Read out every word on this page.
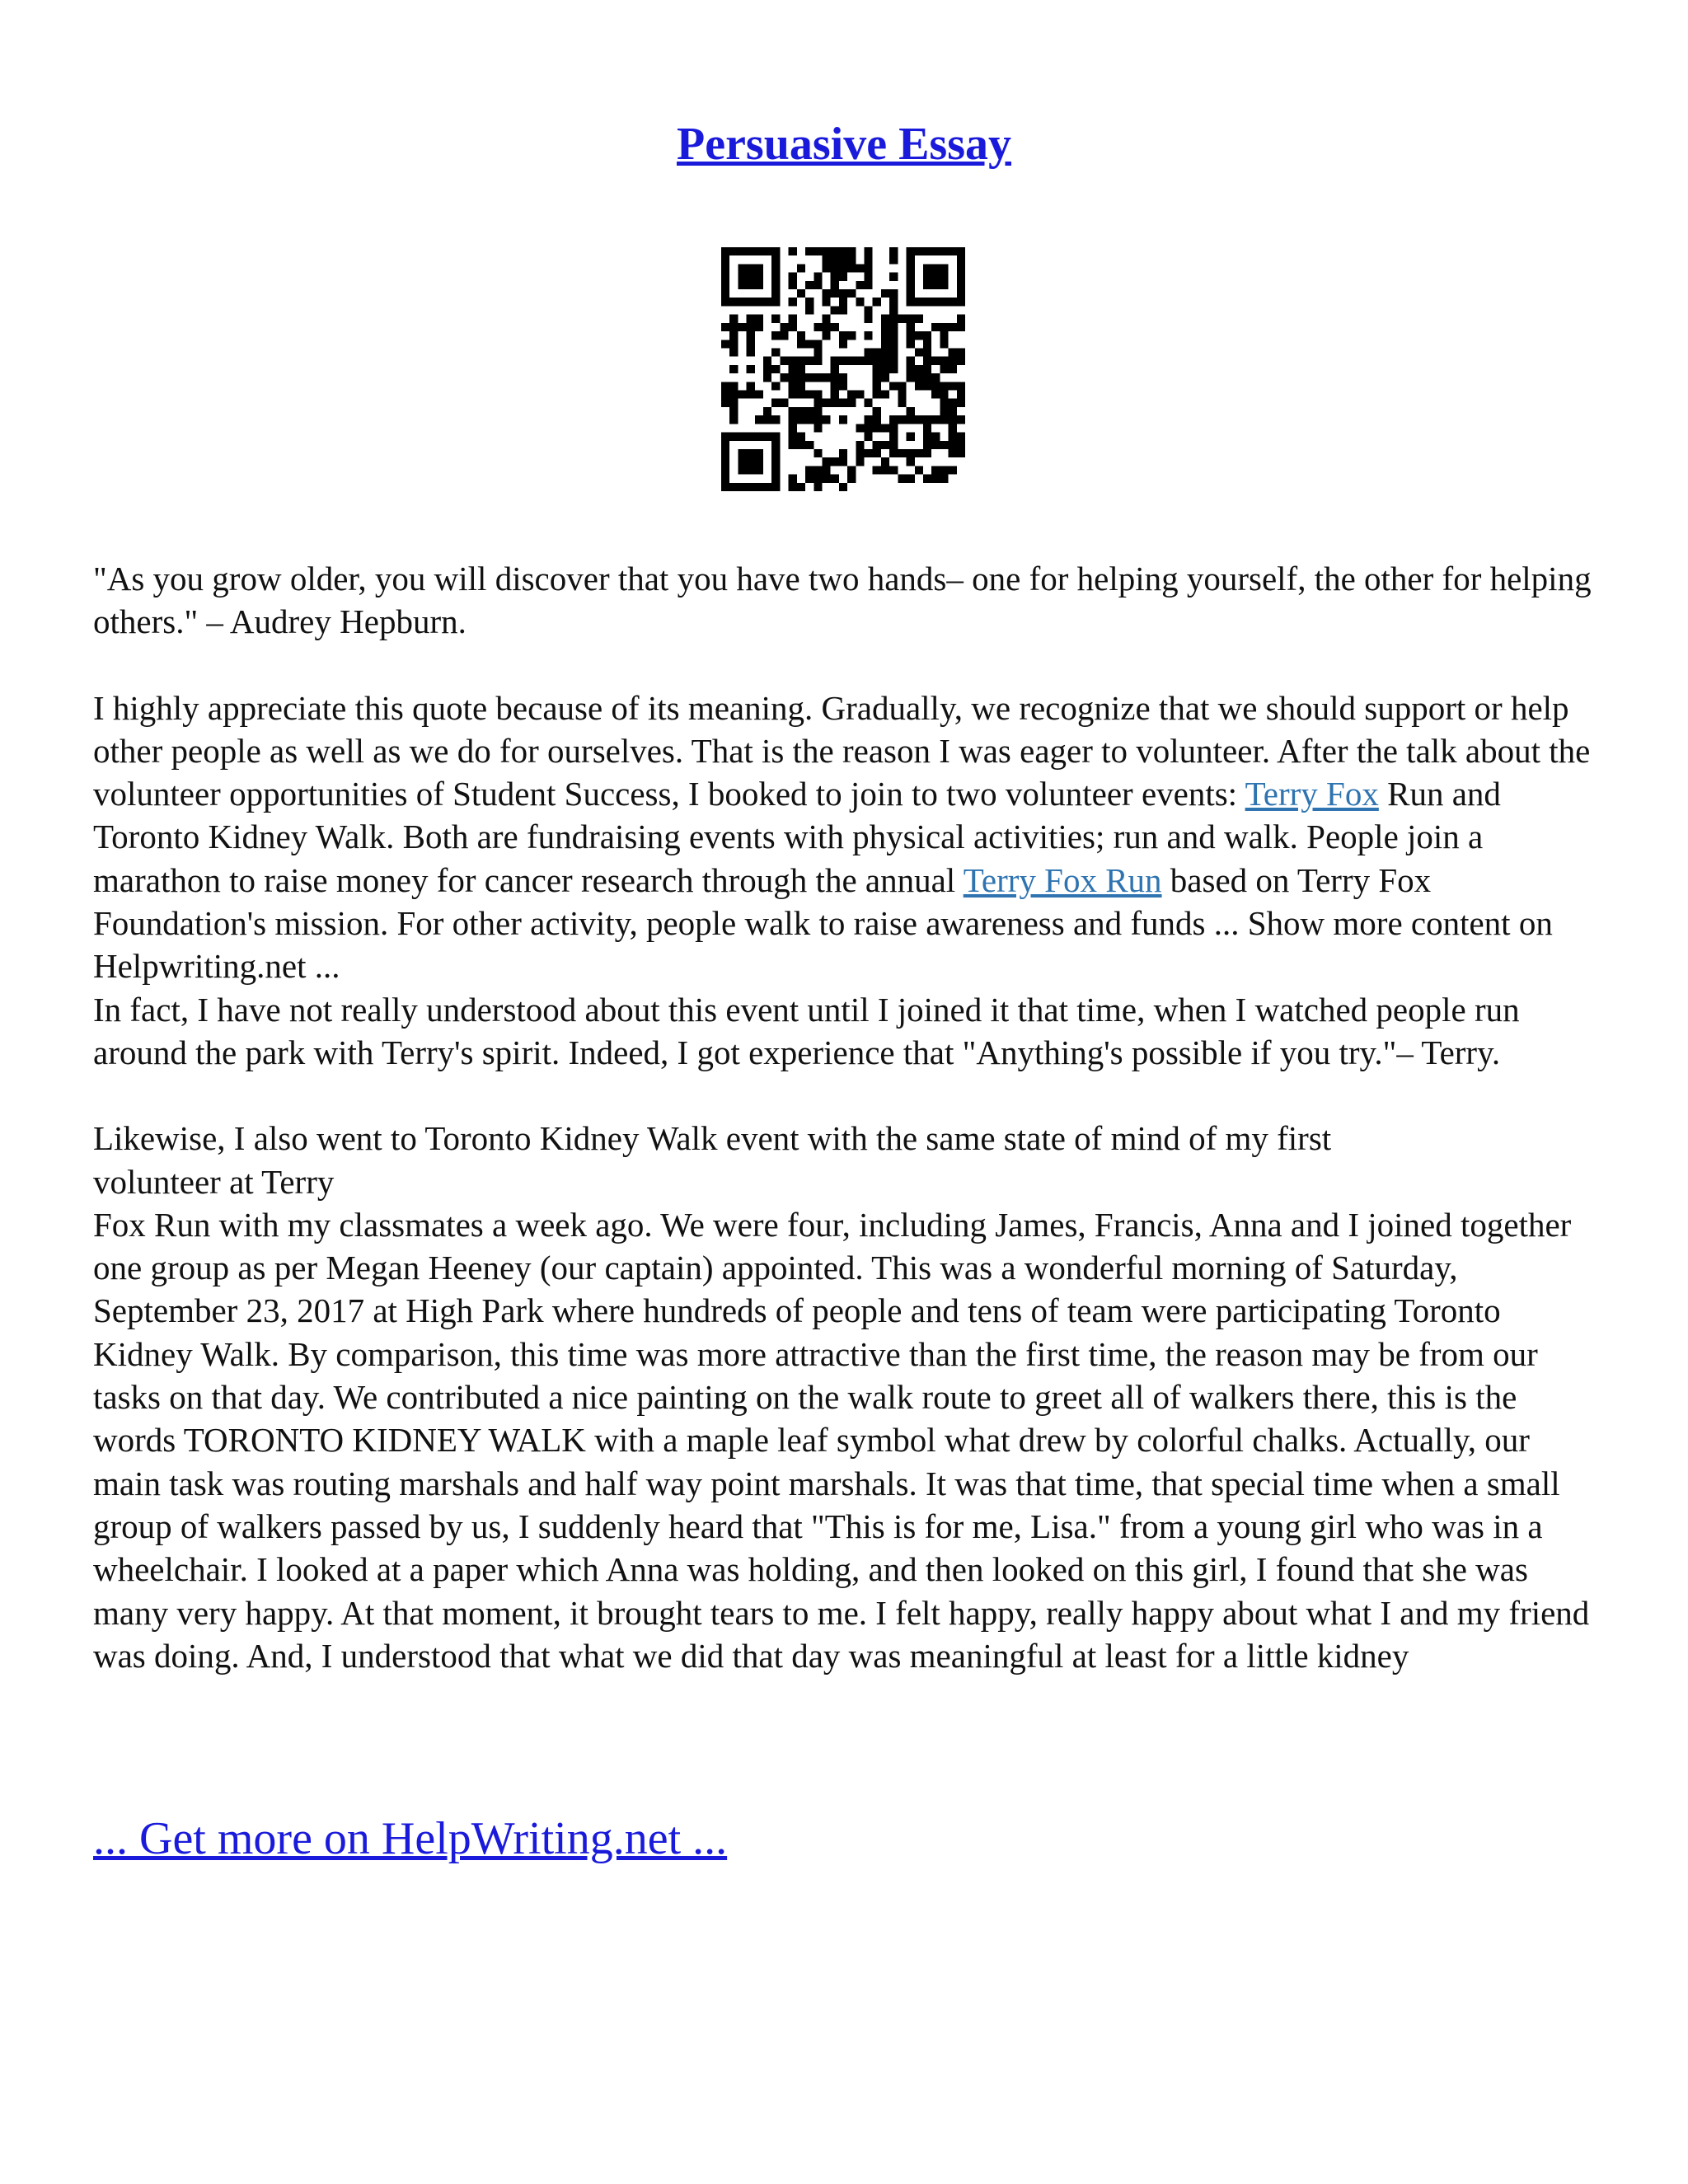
Persuasive Essay

"As you grow older, you will discover that you have two hands– one for helping yourself, the other for helping others." – Audrey Hepburn.

I highly appreciate this quote because of its meaning. Gradually, we recognize that we should support or help other people as well as we do for ourselves. That is the reason I was eager to volunteer. After the talk about the volunteer opportunities of Student Success, I booked to join to two volunteer events: Terry Fox Run and Toronto Kidney Walk. Both are fundraising events with physical activities; run and walk. People join a marathon to raise money for cancer research through the annual Terry Fox Run based on Terry Fox Foundation's mission. For other activity, people walk to raise awareness and funds ... Show more content on Helpwriting.net ...

In fact, I have not really understood about this event until I joined it that time, when I watched people run around the park with Terry's spirit. Indeed, I got experience that "Anything's possible if you try."– Terry.

Likewise, I also went to Toronto Kidney Walk event with the same state of mind of my first

volunteer at Terry

Fox Run with my classmates a week ago. We were four, including James, Francis, Anna and I joined together one group as per Megan Heeney (our captain) appointed. This was a wonderful morning of Saturday, September 23, 2017 at High Park where hundreds of people and tens of team were participating Toronto Kidney Walk. By comparison, this time was more attractive than the first time, the reason may be from our tasks on that day. We contributed a nice painting on the walk route to greet all of walkers there, this is the words TORONTO KIDNEY WALK with a maple leaf symbol what drew by colorful chalks. Actually, our main task was routing marshals and half way point marshals. It was that time, that special time when a small group of walkers passed by us, I suddenly heard that "This is for me, Lisa." from a young girl who was in a wheelchair. I looked at a paper which Anna was holding, and then looked on this girl, I found that she was many very happy. At that moment, it brought tears to me. I felt happy, really happy about what I and my friend was doing. And, I understood that what we did that day was meaningful at least for a little kidney

... Get more on HelpWriting.net ...
